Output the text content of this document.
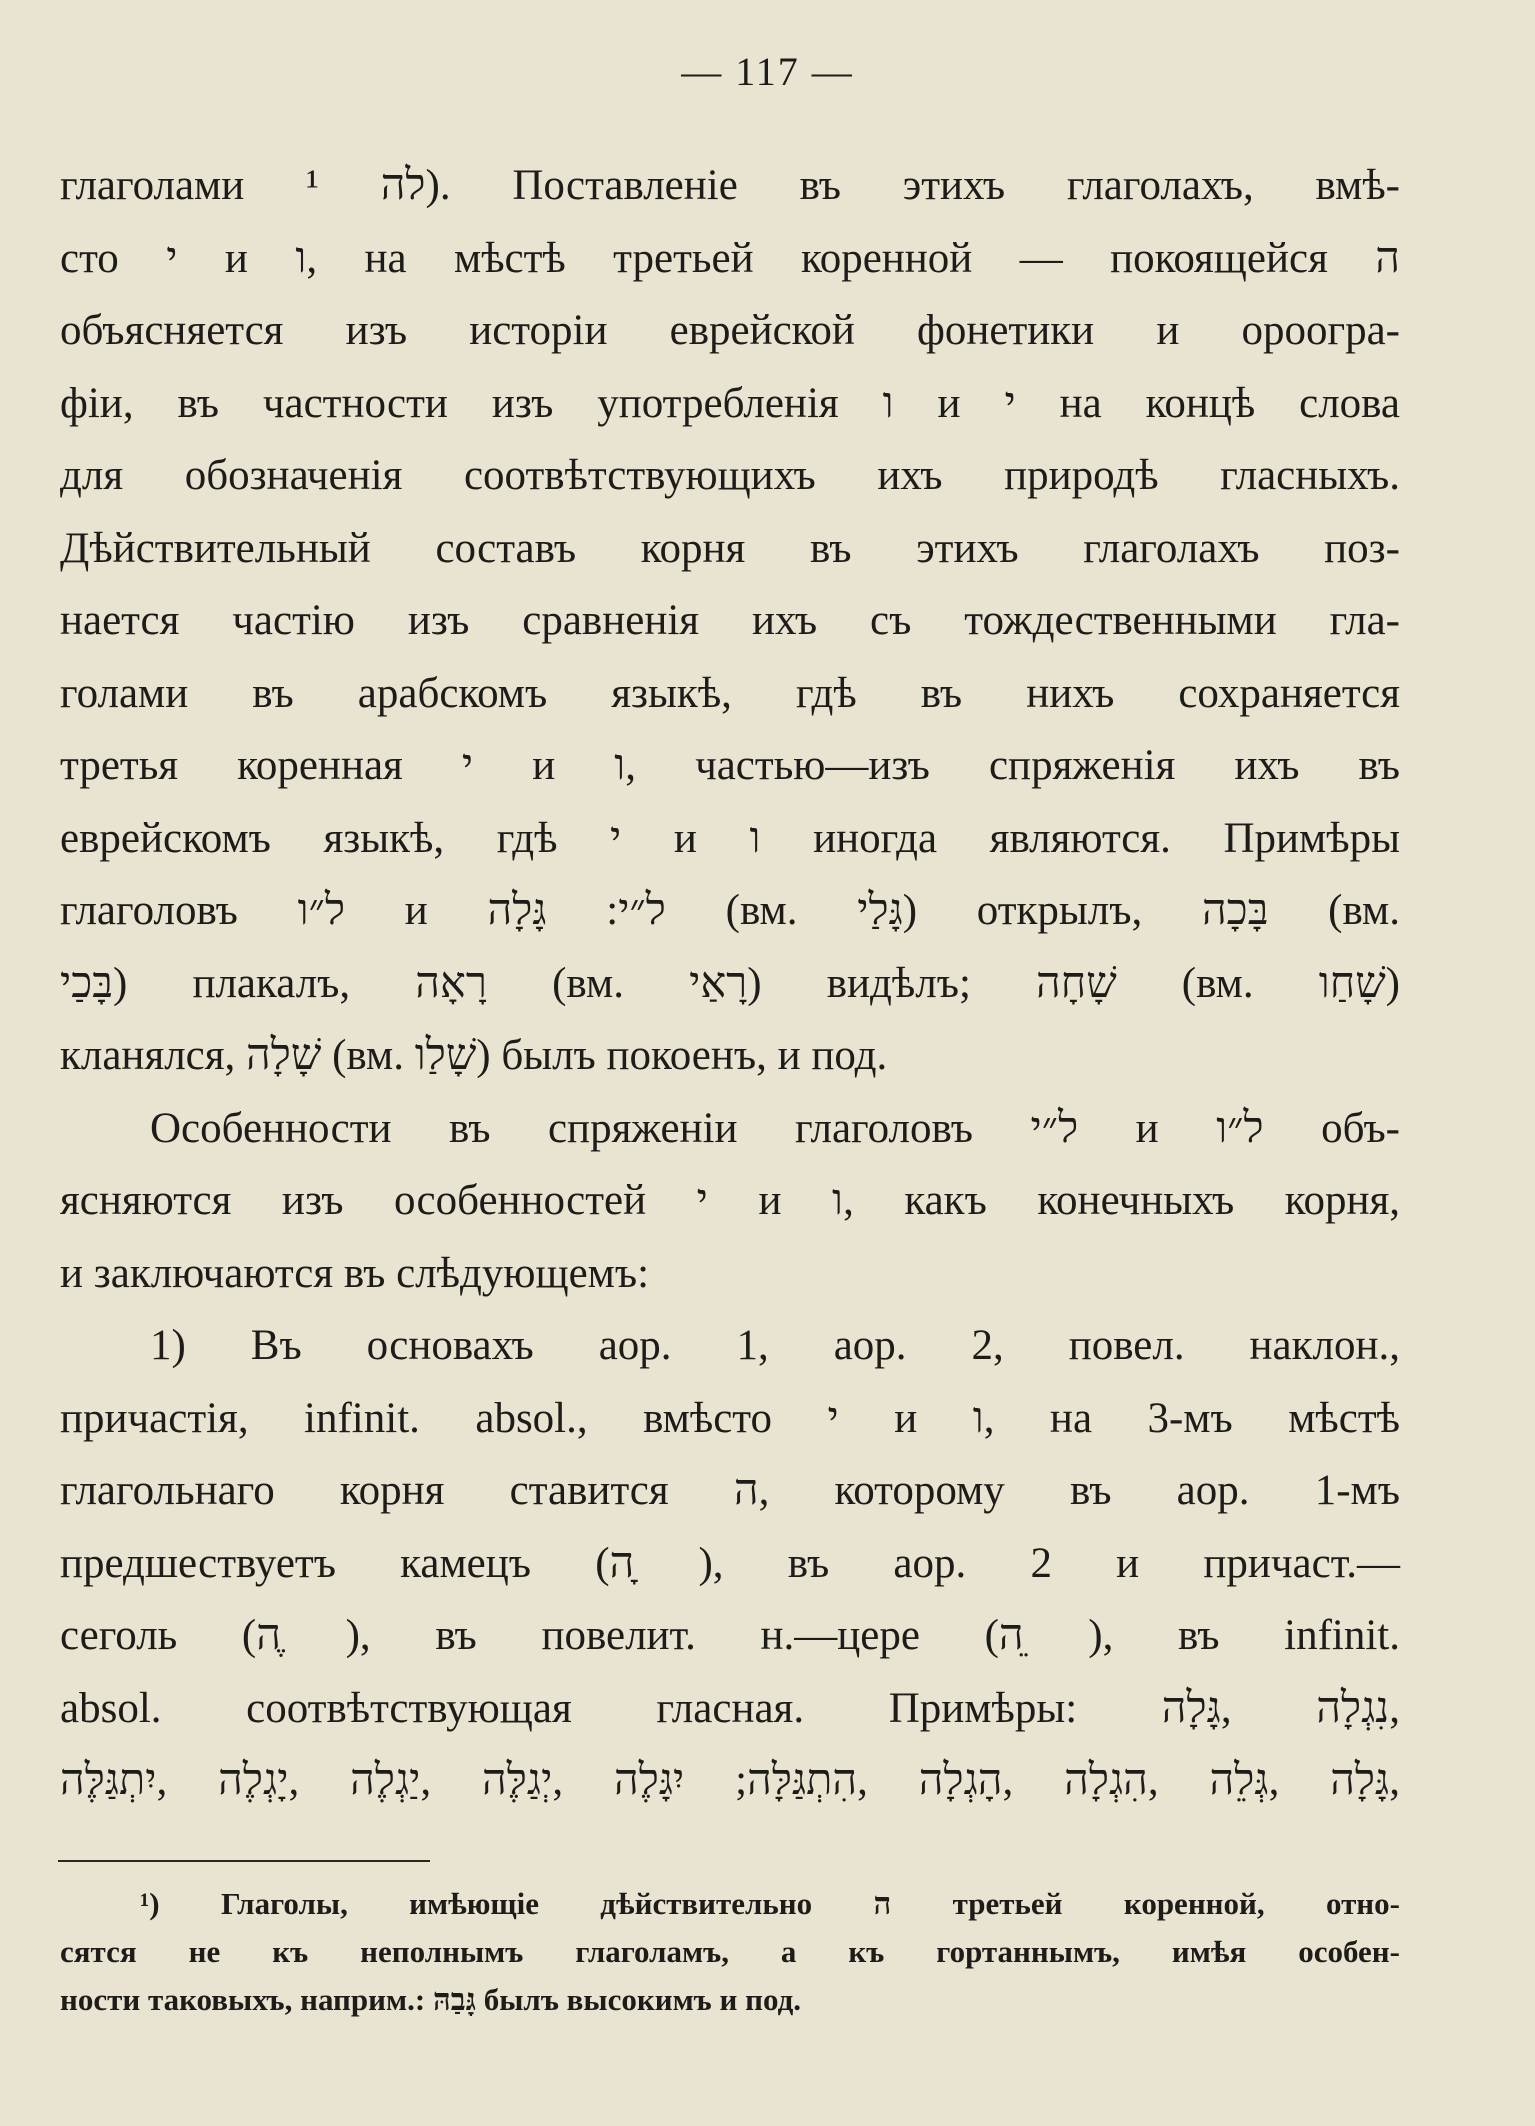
— 117 —
глаголами לה ¹). Поставленіе въ этихъ глаголахъ, вмѣ-
сто י и ו, на мѣстѣ третьей коренной — покоящейся ה
объясняется изъ исторіи еврейской фонетики и ороогра-
фіи, въ частности изъ употребленія ו и י на концѣ слова
для обозначенія соотвѣтствующихъ ихъ природѣ гласныхъ.
Дѣйствительный составъ корня въ этихъ глаголахъ поз-
нается частію изъ сравненія ихъ съ тождественными гла-
голами въ арабскомъ языкѣ, гдѣ въ нихъ сохраняется
третья коренная י и ו, частью—изъ спряженія ихъ въ
еврейскомъ языкѣ, гдѣ י и ו иногда являются. Примѣры
глаголовъ ל״ו и ל״י: גָּלָה (вм. גָּלַי) открылъ, בָּכָה (вм.
בָּכַי) плакалъ, רָאָה (вм. רָאַי) видѣлъ; שָׁחָה (вм. שָׁחַו)
кланялся, שָׁלָה (вм. שָׁלַו) былъ покоенъ, и под.
Особенности въ спряженіи глаголовъ ל״י и ל״ו объ-
ясняются изъ особенностей י и ו, какъ конечныхъ корня,
и заключаются въ слѣдующемъ:
1) Въ основахъ аор. 1, аор. 2, повел. наклон.,
причастія, infinit. absol., вмѣсто י и ו, на 3-мъ мѣстѣ
глагольнаго корня ставится ה, которому въ аор. 1-мъ
предшествуетъ камецъ (ה ָ), въ аор. 2 и причаст.—
сеголь (ה ֶ), въ повелит. н.—цере (ה ֵ), въ infinit.
absol. соотвѣтствующая гласная. Примѣры: נִגְלָה ,גָּלָה,
גָּלָה ,גְּלֵה ,הִגְלָה ,הָגְלָה ,הִתְגַּלָּה; יִגָּלֶה ,יְגַלֶּה ,יַגְלֶה ,יָגְלֶה ,יִתְגַּלֶּה,
¹) Глаголы, имѣющіе дѣйствительно ה третьей коренной, отно-
сятся не къ неполнымъ глаголамъ, а къ гортаннымъ, имѣя особен-
ности таковыхъ, наприм.: גָּבַהּ былъ высокимъ и под.
